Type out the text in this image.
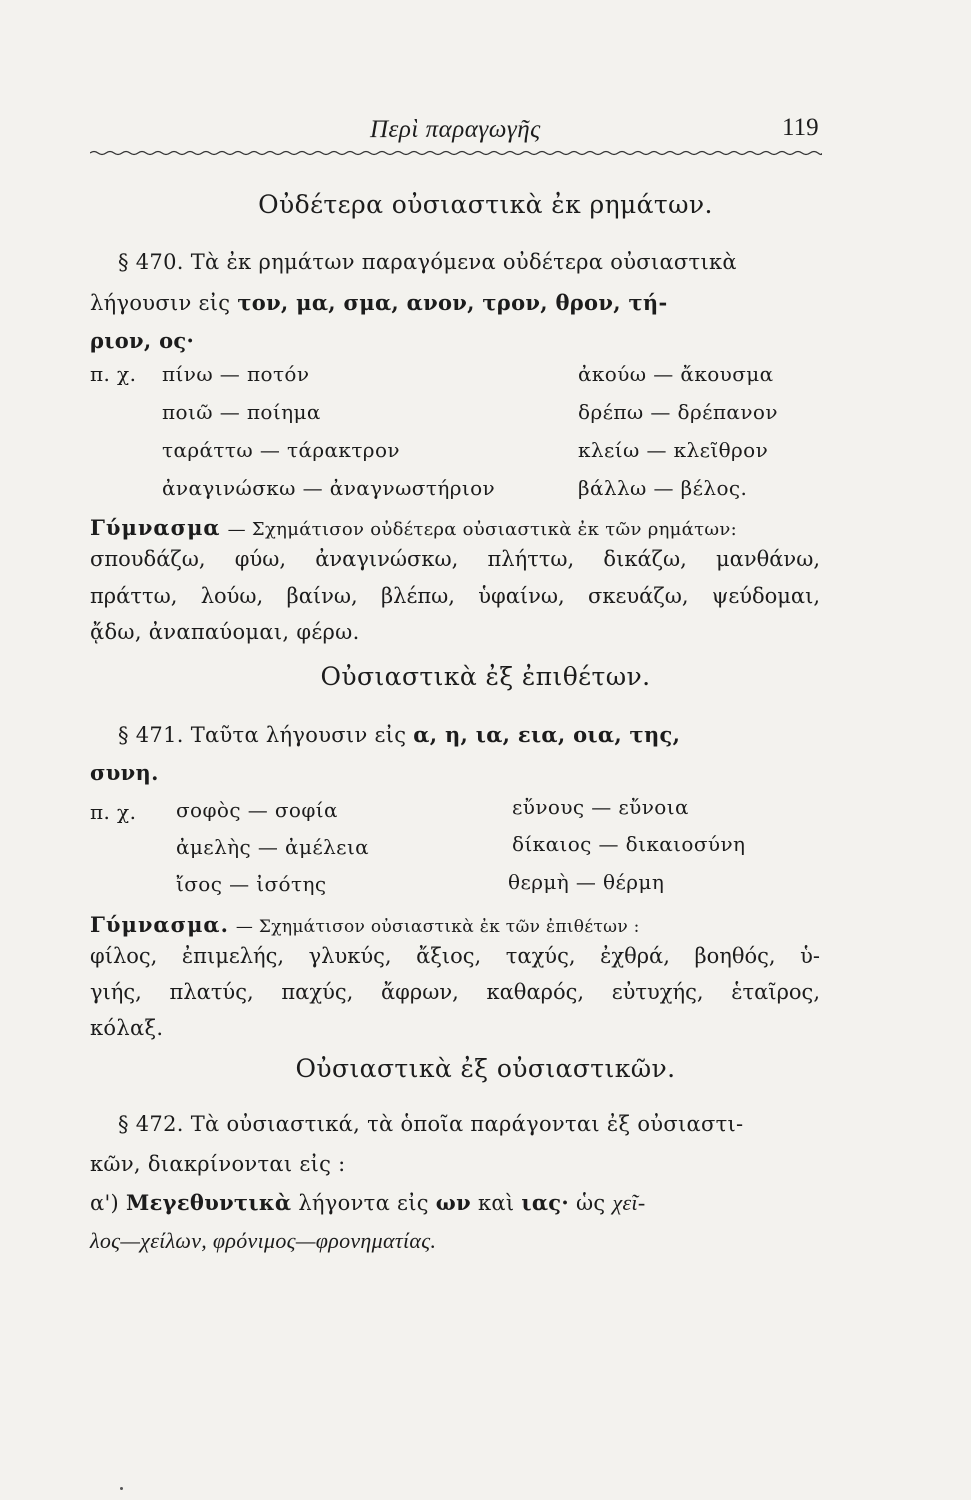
Περὶ παραγωγῆς	119
Οὐδέτερα οὐσιαστικὰ ἐκ ρημάτων.
§ 470. Τὰ ἐκ ρημάτων παραγόμενα οὐδέτερα οὐσιαστικὰ
λήγουσιν εἰς τον, μα, σμα, ανον, τρον, θρον, τή-
ριον, ος·
π. χ. πίνω — ποτόν
ποιῶ — ποίημα
ταράττω — τάρακτρον
ἀναγινώσκω — ἀναγνωστήριον
ἀκούω — ἄκουσμα
δρέπω — δρέπανον
κλείω — κλεῖθρον
βάλλω — βέλος.
Γύμνασμα — Σχημάτισον οὐδέτερα οὐσιαστικὰ ἐκ τῶν ρημάτων:
σπουδάζω, φύω, ἀναγινώσκω, πλήττω, δικάζω, μανθάνω,
πράττω, λούω, βαίνω, βλέπω, ὑφαίνω, σκευάζω, ψεύδομαι,
ᾄδω, ἀναπαύομαι, φέρω.
Οὐσιαστικὰ ἐξ ἐπιθέτων.
§ 471. Ταῦτα λήγουσιν εἰς α, η, ια, εια, οια, της,
συνη.
π. χ. σοφὸς — σοφία
ἀμελὴς — ἀμέλεια
ἴσος — ἰσότης
εὔνους — εὔνοια
δίκαιος — δικαιοσύνη
θερμὴ — θέρμη
Γύμνασμα. — Σχημάτισον οὐσιαστικὰ ἐκ τῶν ἐπιθέτων :
φίλος, ἐπιμελής, γλυκύς, ἄξιος, ταχύς, ἐχθρά, βοηθός, ὑ-
γιής, πλατύς, παχύς, ἄφρων, καθαρός, εὐτυχής, ἑταῖρος,
κόλαξ.
Οὐσιαστικὰ ἐξ οὐσιαστικῶν.
§ 472. Τὰ οὐσιαστικά, τὰ ὁποῖα παράγονται ἐξ οὐσιαστι-
κῶν, διακρίνονται εἰς :
α') Μεγεθυντικὰ λήγοντα εἰς ων καὶ ιας· ὡς χεῖ-
λος—χείλων, φρόνιμος—φρονηματίας.
